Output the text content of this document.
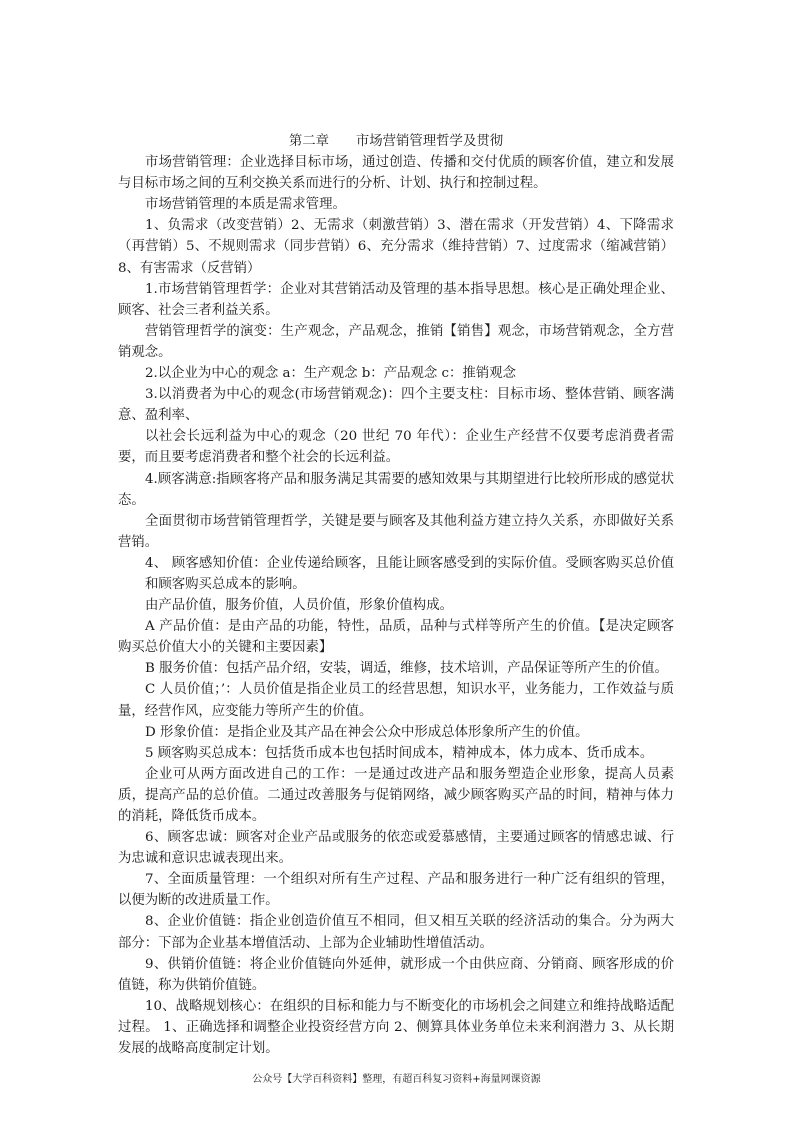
第二章　　市场营销管理哲学及贯彻

市场营销管理：企业选择目标市场，通过创造、传播和交付优质的顾客价值，建立和发展与目标市场之间的互利交换关系而进行的分析、计划、执行和控制过程。

市场营销管理的本质是需求管理。

1、负需求（改变营销）2、无需求（刺激营销）3、潜在需求（开发营销）4、下降需求（再营销）5、不规则需求（同步营销）6、充分需求（维持营销）7、过度需求（缩减营销）8、有害需求（反营销）

1.市场营销管理哲学：企业对其营销活动及管理的基本指导思想。核心是正确处理企业、顾客、社会三者利益关系。

营销管理哲学的演变：生产观念，产品观念，推销【销售】观念，市场营销观念，全方营销观念。

2.以企业为中心的观念 a：生产观念 b：产品观念 c：推销观念

3.以消费者为中心的观念(市场营销观念)：四个主要支柱：目标市场、整体营销、顾客满意、盈利率、

以社会长远利益为中心的观念（20 世纪 70 年代）：企业生产经营不仅要考虑消费者需要，而且要考虑消费者和整个社会的长远利益。

4.顾客满意:指顾客将产品和服务满足其需要的感知效果与其期望进行比较所形成的感觉状态。

全面贯彻市场营销管理哲学，关键是要与顾客及其他利益方建立持久关系，亦即做好关系营销。

4、 顾客感知价值：企业传递给顾客，且能让顾客感受到的实际价值。受顾客购买总价值和顾客购买总成本的影响。

由产品价值，服务价值，人员价值，形象价值构成。

A 产品价值：是由产品的功能，特性，品质，品种与式样等所产生的价值。【是决定顾客购买总价值大小的关键和主要因素】

B 服务价值：包括产品介绍，安装，调适，维修，技术培训，产品保证等所产生的价值。

C 人员价值；’：人员价值是指企业员工的经营思想，知识水平，业务能力，工作效益与质量，经营作风，应变能力等所产生的价值。

D 形象价值：是指企业及其产品在神会公众中形成总体形象所产生的价值。

5 顾客购买总成本：包括货币成本也包括时间成本，精神成本，体力成本、货币成本。

企业可从两方面改进自己的工作：一是通过改进产品和服务塑造企业形象，提高人员素质，提高产品的总价值。二通过改善服务与促销网络，减少顾客购买产品的时间，精神与体力的消耗，降低货币成本。

6、顾客忠诚：顾客对企业产品或服务的依恋或爱慕感情，主要通过顾客的情感忠诚、行为忠诚和意识忠诚表现出来。

7、全面质量管理：一个组织对所有生产过程、产品和服务进行一种广泛有组织的管理，以便为断的改进质量工作。

8、企业价值链：指企业创造价值互不相同，但又相互关联的经济活动的集合。分为两大部分：下部为企业基本增值活动、上部为企业辅助性增值活动。

9、供销价值链：将企业价值链向外延伸，就形成一个由供应商、分销商、顾客形成的价值链，称为供销价值链。

10、战略规划核心：在组织的目标和能力与不断变化的市场机会之间建立和维持战略适配过程。 1、正确选择和调整企业投资经营方向 2、侧算具体业务单位未来利润潜力 3、从长期发展的战略高度制定计划。

公众号【大学百科资料】整理，有超百科复习资料+海量网课资源
